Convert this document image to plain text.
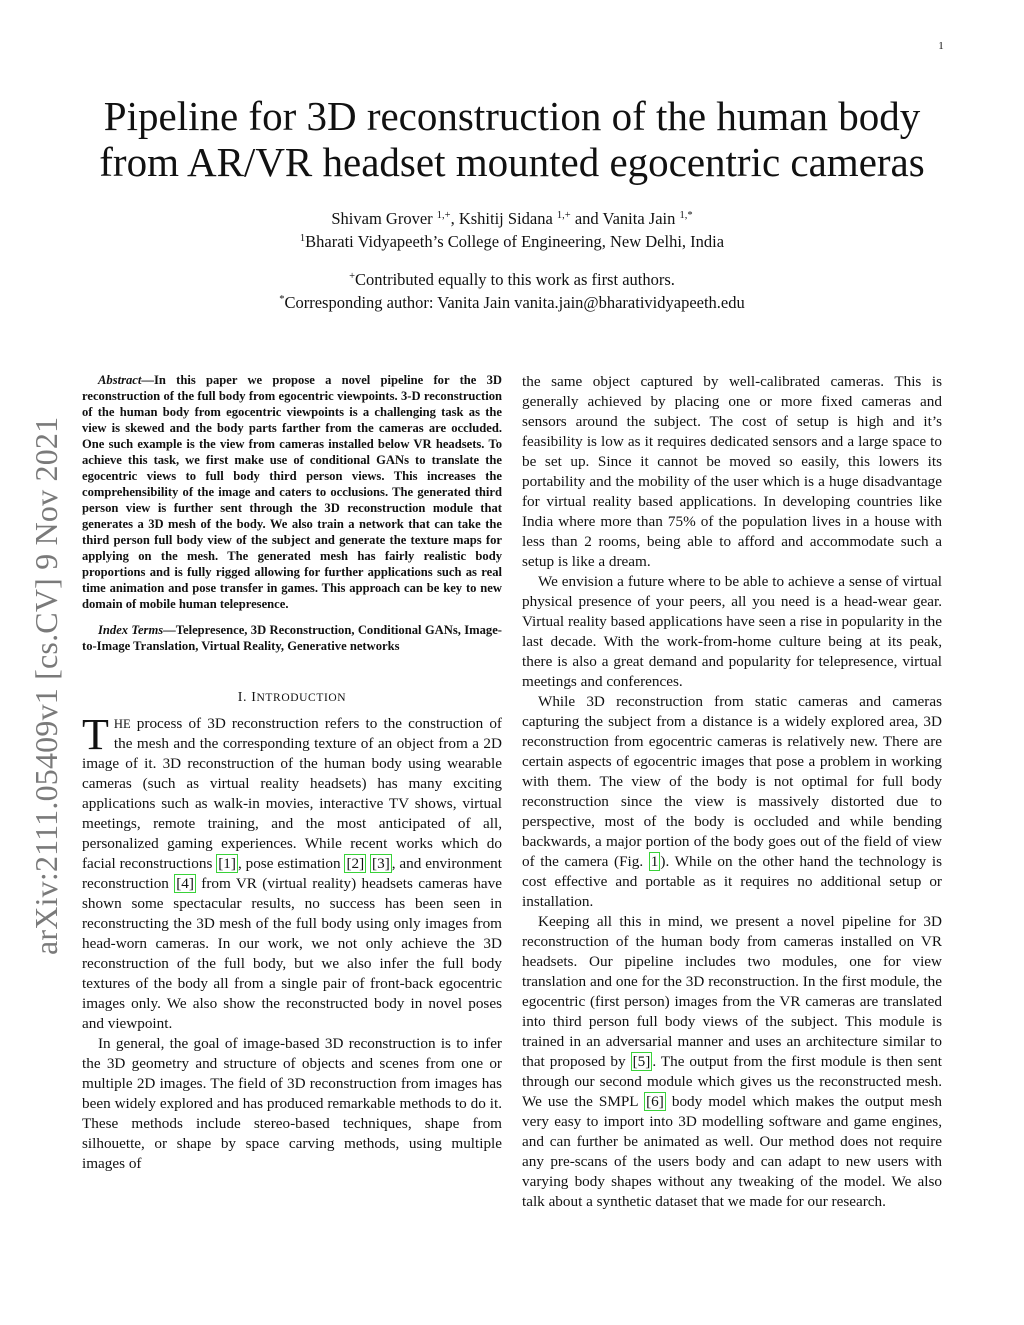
1
arXiv:2111.05409v1 [cs.CV] 9 Nov 2021
Pipeline for 3D reconstruction of the human body
from AR/VR headset mounted egocentric cameras
Shivam Grover $^{1,+}$, Kshitij Sidana $^{1,+}$ and Vanita Jain $^{1,*}$
$^1$Bharati Vidyapeeth’s College of Engineering, New Delhi, India
+Contributed equally to this work as first authors.
*Corresponding author: Vanita Jain vanita.jain@bharatividyapeeth.edu

Abstract—In this paper we propose a novel pipeline for the 3D reconstruction of the full body from egocentric viewpoints. 3-D reconstruction of the human body from egocentric viewpoints is a challenging task as the view is skewed and the body parts farther from the cameras are occluded. One such example is the view from cameras installed below VR headsets. To achieve this task, we first make use of conditional GANs to translate the egocentric views to full body third person views. This increases the comprehensibility of the image and caters to occlusions. The generated third person view is further sent through the 3D reconstruction module that generates a 3D mesh of the body. We also train a network that can take the third person full body view of the subject and generate the texture maps for applying on the mesh. The generated mesh has fairly realistic body proportions and is fully rigged allowing for further applications such as real time animation and pose transfer in games. This approach can be key to new domain of mobile human telepresence.

Index Terms—Telepresence, 3D Reconstruction, Conditional GANs, Image-to-Image Translation, Virtual Reality, Generative networks

I. INTRODUCTION

THE process of 3D reconstruction refers to the construction of the mesh and the corresponding texture of an object from a 2D image of it. 3D reconstruction of the human body using wearable cameras (such as virtual reality headsets) has many exciting applications such as walk-in movies, interactive TV shows, virtual meetings, remote training, and the most anticipated of all, personalized gaming experiences. While recent works which do facial reconstructions [1] , pose estimation [2] [3] , and environment reconstruction [4] from VR (virtual reality) headsets cameras have shown some spectacular results, no success has been seen in reconstructing the 3D mesh of the full body using only images from head-worn cameras. In our work, we not only achieve the 3D reconstruction of the full body, but we also infer the full body textures of the body all from a single pair of front-back egocentric images only. We also show the reconstructed body in novel poses and viewpoint.

In general, the goal of image-based 3D reconstruction is to infer the 3D geometry and structure of objects and scenes from one or multiple 2D images. The field of 3D reconstruction from images has been widely explored and has produced remarkable methods to do it. These methods include stereo-based techniques, shape from silhouette, or shape by space carving methods, using multiple images of

the same object captured by well-calibrated cameras. This is generally achieved by placing one or more fixed cameras and sensors around the subject. The cost of setup is high and it’s feasibility is low as it requires dedicated sensors and a large space to be set up. Since it cannot be moved so easily, this lowers its portability and the mobility of the user which is a huge disadvantage for virtual reality based applications. In developing countries like India where more than 75% of the population lives in a house with less than 2 rooms, being able to afford and accommodate such a setup is like a dream.

We envision a future where to be able to achieve a sense of virtual physical presence of your peers, all you need is a head-wear gear. Virtual reality based applications have seen a rise in popularity in the last decade. With the work-from-home culture being at its peak, there is also a great demand and popularity for telepresence, virtual meetings and conferences.

While 3D reconstruction from static cameras and cameras capturing the subject from a distance is a widely explored area, 3D reconstruction from egocentric cameras is relatively new. There are certain aspects of egocentric images that pose a problem in working with them. The view of the body is not optimal for full body reconstruction since the view is massively distorted due to perspective, most of the body is occluded and while bending backwards, a major portion of the body goes out of the field of view of the camera (Fig. 1 ). While on the other hand the technology is cost effective and portable as it requires no additional setup or installation.

Keeping all this in mind, we present a novel pipeline for 3D reconstruction of the human body from cameras installed on VR headsets. Our pipeline includes two modules, one for view translation and one for the 3D reconstruction. In the first module, the egocentric (first person) images from the VR cameras are translated into third person full body views of the subject. This module is trained in an adversarial manner and uses an architecture similar to that proposed by [5] . The output from the first module is then sent through our second module which gives us the reconstructed mesh. We use the SMPL [6] body model which makes the output mesh very easy to import into 3D modelling software and game engines, and can further be animated as well. Our method does not require any pre-scans of the users body and can adapt to new users with varying body shapes without any tweaking of the model. We also talk about a synthetic dataset that we made for our research.
